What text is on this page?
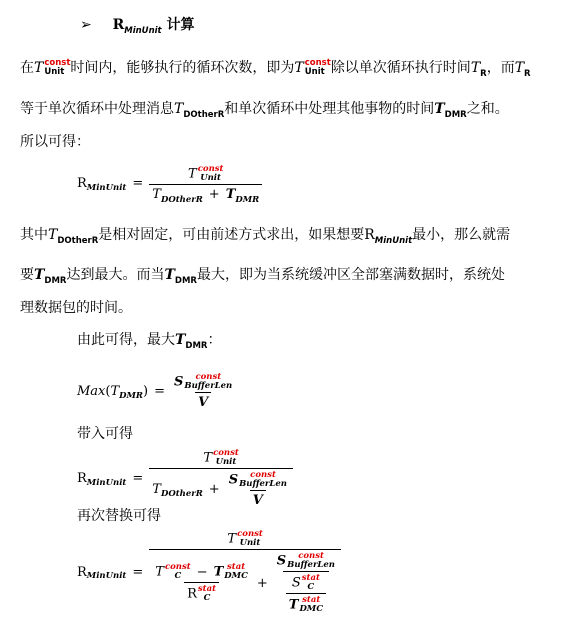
➢ $R_{MinUnit}$ 计算
在T const
Unit 时间内，能够执行的循环次数，即为T const
Unit 除以单次循环执行时间$T_R$，而$T_R$
等于单次循环中处理消息$T_{DOtherR}$和单次循环中处理其他事物的时间$T_{DMR}$之和。
所以可得：
R MinUnit = T const
Unit
$T_{DOtherR} + T_{DMR}$
其中$T_{DOtherR}$是相对固定，可由前述方式求出，如果想要$R_{MinUnit}$最小，那么就需
要$T_{DMR}$达到最大。而当$T_{DMR}$最大，即为当系统缓冲区全部塞满数据时，系统处
理数据包的时间。
由此可得，最大$T_{DMR}$：
Max ( T DMR ) = S	const
BufferLen
V
带入可得
R MinUnit = T const
Unit
T DOtherR + S	const
BufferLen
V
再次替换可得
R MinUnit =
T const
Unit
T const
C	− T stat
DMC
R stat
C + S	const
BufferLen
S stat
C
T stat
DMC
